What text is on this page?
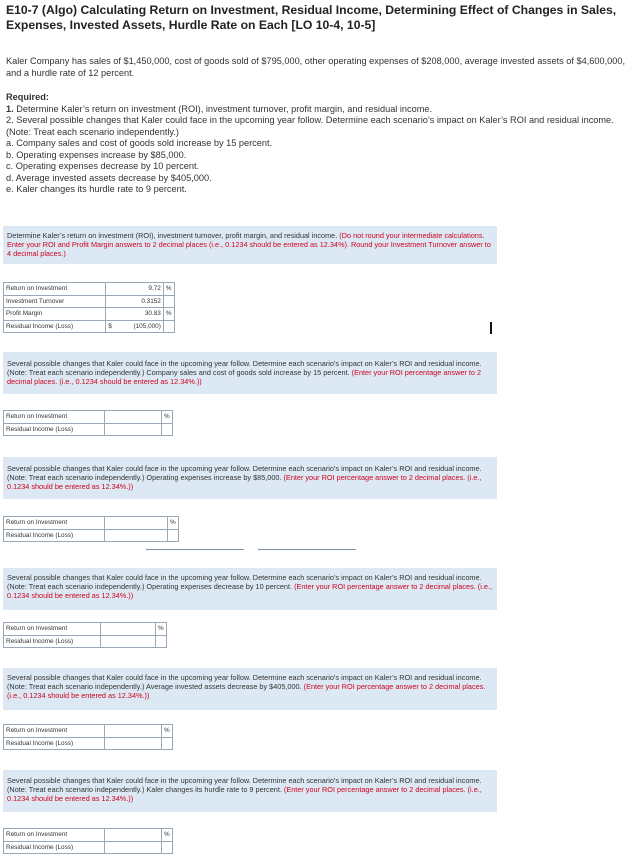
E10-7 (Algo) Calculating Return on Investment, Residual Income, Determining Effect of Changes in Sales, Expenses, Invested Assets, Hurdle Rate on Each [LO 10-4, 10-5]
Kaler Company has sales of $1,450,000, cost of goods sold of $795,000, other operating expenses of $208,000, average invested assets of $4,600,000, and a hurdle rate of 12 percent.
Required:
1. Determine Kaler’s return on investment (ROI), investment turnover, profit margin, and residual income.
2. Several possible changes that Kaler could face in the upcoming year follow. Determine each scenario’s impact on Kaler’s ROI and residual income. (Note: Treat each scenario independently.)
a. Company sales and cost of goods sold increase by 15 percent.
b. Operating expenses increase by $85,000.
c. Operating expenses decrease by 10 percent.
d. Average invested assets decrease by $405,000.
e. Kaler changes its hurdle rate to 9 percent.
Determine Kaler’s return on investment (ROI), investment turnover, profit margin, and residual income. (Do not round your intermediate calculations. Enter your ROI and Profit Margin answers to 2 decimal places (i.e., 0.1234 should be entered as 12.34%). Round your Investment Turnover answer to 4 decimal places.)
Return on Investment	9.72	%
Investment Turnover	0.3152	
Profit Margin	30.83	%
Residual Income (Loss)	$ (105,000)	
Several possible changes that Kaler could face in the upcoming year follow. Determine each scenario’s impact on Kaler’s ROI and residual income. (Note: Treat each scenario independently.) Company sales and cost of goods sold increase by 15 percent. (Enter your ROI percentage answer to 2 decimal places. (i.e., 0.1234 should be entered as 12.34%.))
Return on Investment		%
Residual Income (Loss)		
Several possible changes that Kaler could face in the upcoming year follow. Determine each scenario’s impact on Kaler’s ROI and residual income. (Note: Treat each scenario independently.) Operating expenses increase by $85,000. (Enter your ROI percentage answer to 2 decimal places. (i.e., 0.1234 should be entered as 12.34%.))
Return on Investment		%
Residual Income (Loss)		
Several possible changes that Kaler could face in the upcoming year follow. Determine each scenario’s impact on Kaler’s ROI and residual income. (Note: Treat each scenario independently.) Operating expenses decrease by 10 percent. (Enter your ROI percentage answer to 2 decimal places. (i.e., 0.1234 should be entered as 12.34%.))
Return on Investment		%
Residual Income (Loss)		
Several possible changes that Kaler could face in the upcoming year follow. Determine each scenario’s impact on Kaler’s ROI and residual income. (Note: Treat each scenario independently.) Average invested assets decrease by $405,000. (Enter your ROI percentage answer to 2 decimal places. (i.e., 0.1234 should be entered as 12.34%.))
Return on Investment		%
Residual Income (Loss)		
Several possible changes that Kaler could face in the upcoming year follow. Determine each scenario’s impact on Kaler’s ROI and residual income. (Note: Treat each scenario independently.) Kaler changes its hurdle rate to 9 percent. (Enter your ROI percentage answer to 2 decimal places. (i.e., 0.1234 should be entered as 12.34%.))
Return on Investment		%
Residual Income (Loss)		
